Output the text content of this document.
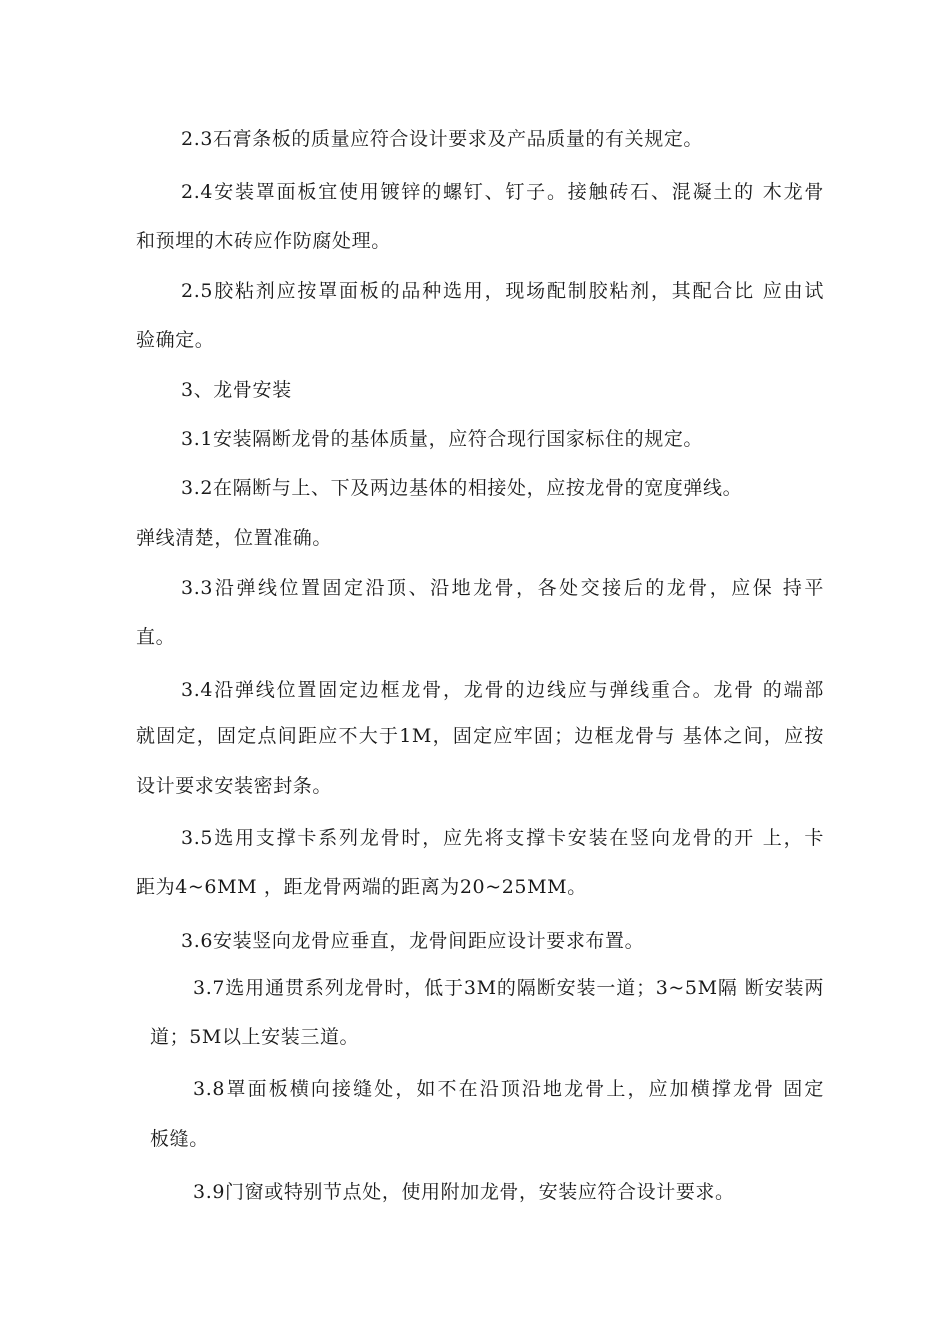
2.3石膏条板的质量应符合设计要求及产品质量的有关规定。
2.4安装罩面板宜使用镀锌的螺钉、钉子。接触砖石、混凝土的 木龙骨
和预埋的木砖应作防腐处理。
2.5胶粘剂应按罩面板的品种选用，现场配制胶粘剂，其配合比 应由试
验确定。
3、龙骨安装
3.1安装隔断龙骨的基体质量，应符合现行国家标住的规定。
3.2在隔断与上、下及两边基体的相接处，应按龙骨的宽度弹线。
弹线清楚，位置准确。
3.3沿弹线位置固定沿顶、沿地龙骨，各处交接后的龙骨，应保 持平
直。
3.4沿弹线位置固定边框龙骨，龙骨的边线应与弹线重合。龙骨 的端部
就固定，固定点间距应不大于1M，固定应牢固；边框龙骨与 基体之间，应按
设计要求安装密封条。
3.5选用支撑卡系列龙骨时，应先将支撑卡安装在竖向龙骨的开 上，卡
距为4~6MM ，距龙骨两端的距离为20~25MM。
3.6安装竖向龙骨应垂直，龙骨间距应设计要求布置。
3.7选用通贯系列龙骨时，低于3M的隔断安装一道；3~5M隔 断安装两
道；5M以上安装三道。
3.8罩面板横向接缝处，如不在沿顶沿地龙骨上，应加横撑龙骨 固定
板缝。
3.9门窗或特别节点处，使用附加龙骨，安装应符合设计要求。
